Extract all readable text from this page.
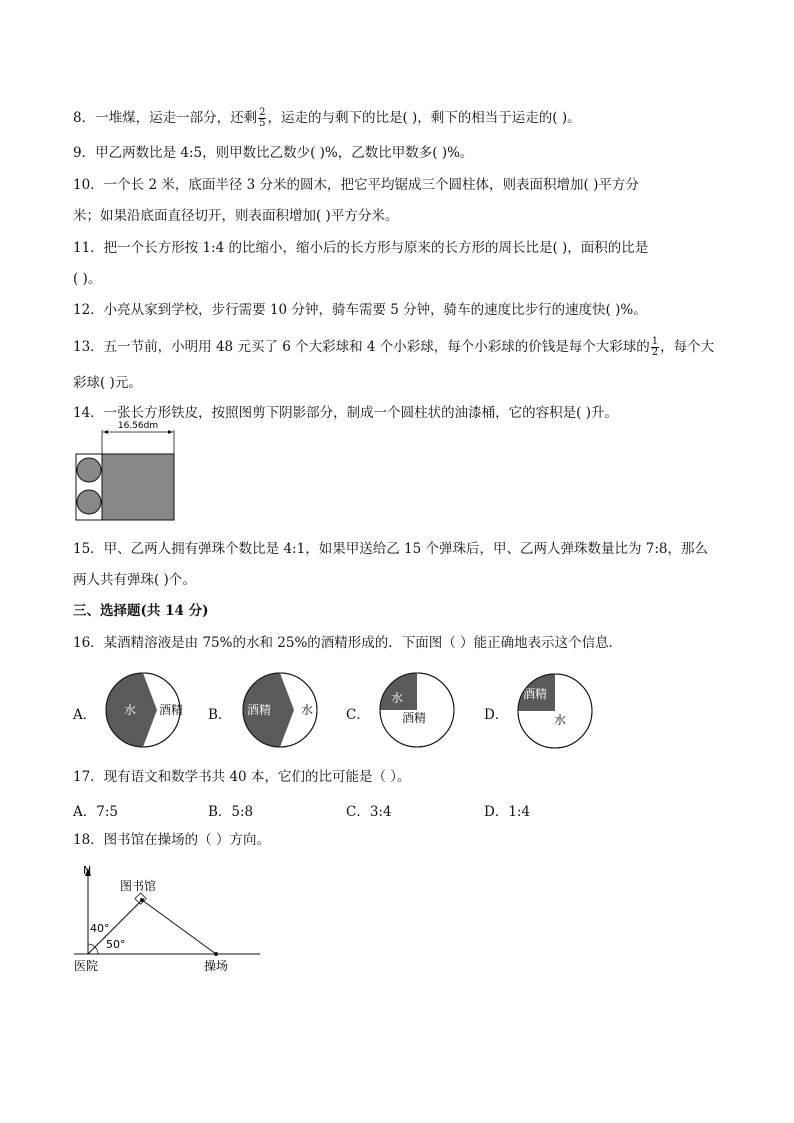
8．一堆煤，运走一部分，还剩 $\frac{2}{5}$ ，运走的与剩下的比是( )，剩下的相当于运走的( )。
9．甲乙两数比是 4:5，则甲数比乙数少( )%，乙数比甲数多( )%。
10．一个长 2 米，底面半径 3 分米的圆木，把它平均锯成三个圆柱体，则表面积增加( )平方分
米；如果沿底面直径切开，则表面积增加( )平方分米。
11．把一个长方形按 1:4 的比缩小，缩小后的长方形与原来的长方形的周长比是( )，面积的比是
( )。
12．小亮从家到学校，步行需要 10 分钟，骑车需要 5 分钟，骑车的速度比步行的速度快( )%。
13．五一节前，小明用 48 元买了 6 个大彩球和 4 个小彩球，每个小彩球的价钱是每个大彩球的 $\frac{1}{2}$ ，每个大
彩球( )元。
14．一张长方形铁皮，按照图剪下阴影部分，制成一个圆柱状的油漆桶，它的容积是( )升。
16.56dm
15．甲、乙两人拥有弹珠个数比是 4:1，如果甲送给乙 15 个弹珠后，甲、乙两人弹珠数量比为 7:8，那么
两人共有弹珠( )个。
三、选择题(共 14 分)
16．某酒精溶液是由 75%的水和 25%的酒精形成的．下面图（ ）能正确地表示这个信息．
A． 水 酒精 B． 酒精 水 C．
水
酒精	D．
酒精
水
17．现有语文和数学书共 40 本，它们的比可能是（ ）。
A．7:5	B．5:8	C．3:4	D．1:4
18．图书馆在操场的（ ）方向。
N
图书馆
40°
50°
医院	操场
